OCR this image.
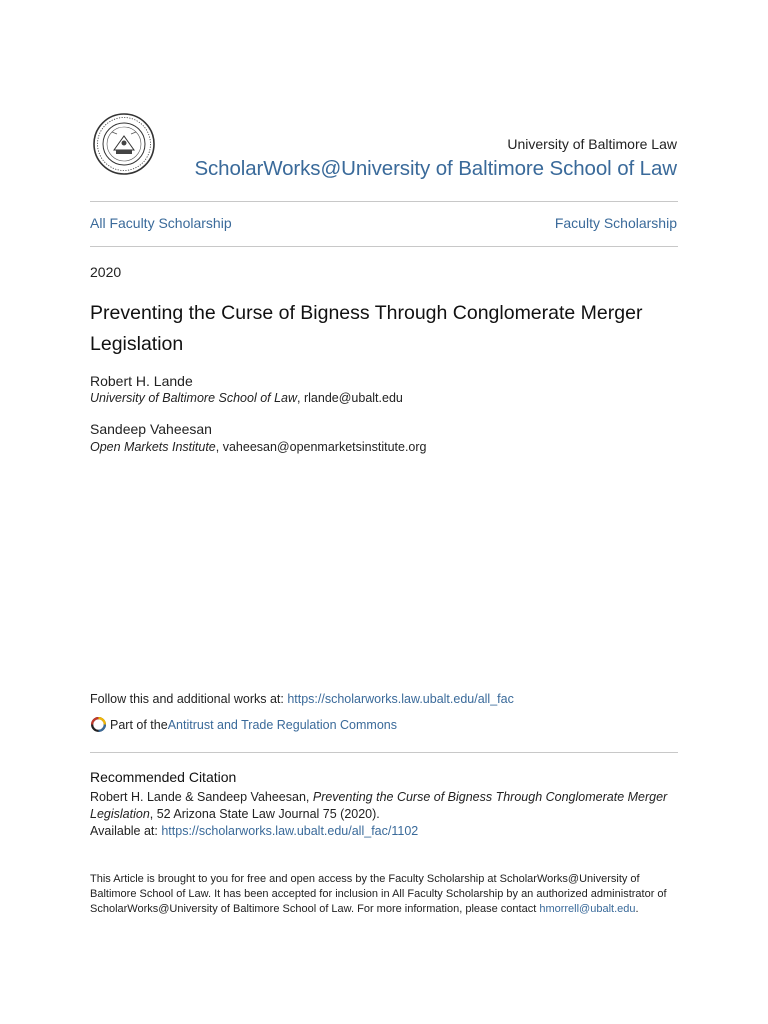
University of Baltimore Law
ScholarWorks@University of Baltimore School of Law
All Faculty Scholarship	Faculty Scholarship
2020
Preventing the Curse of Bigness Through Conglomerate Merger Legislation
Robert H. Lande
University of Baltimore School of Law, rlande@ubalt.edu
Sandeep Vaheesan
Open Markets Institute, vaheesan@openmarketsinstitute.org
Follow this and additional works at: https://scholarworks.law.ubalt.edu/all_fac
Part of the Antitrust and Trade Regulation Commons
Recommended Citation
Robert H. Lande & Sandeep Vaheesan, Preventing the Curse of Bigness Through Conglomerate Merger Legislation, 52 Arizona State Law Journal 75 (2020).
Available at: https://scholarworks.law.ubalt.edu/all_fac/1102
This Article is brought to you for free and open access by the Faculty Scholarship at ScholarWorks@University of Baltimore School of Law. It has been accepted for inclusion in All Faculty Scholarship by an authorized administrator of ScholarWorks@University of Baltimore School of Law. For more information, please contact hmorrell@ubalt.edu.
